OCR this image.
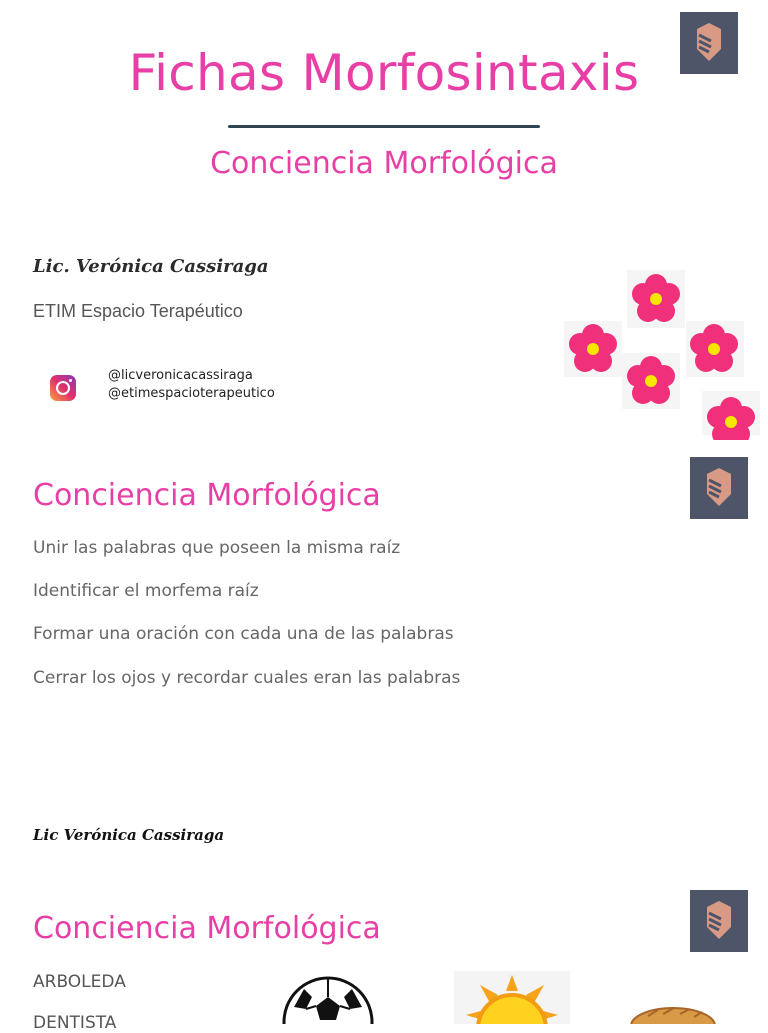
Fichas Morfosintaxis
Conciencia Morfológica
Lic. Verónica Cassiraga
ETIM Espacio Terapéutico
@licveronicacassiraga
@etimespacioterapeutico
Conciencia Morfológica
Unir las palabras que poseen la misma raíz
Identificar el morfema raíz
Formar una oración con cada una de las palabras
Cerrar los ojos y recordar cuales eran las palabras
Lic Verónica Cassiraga
Conciencia Morfológica
ARBOLEDA
DENTISTA
